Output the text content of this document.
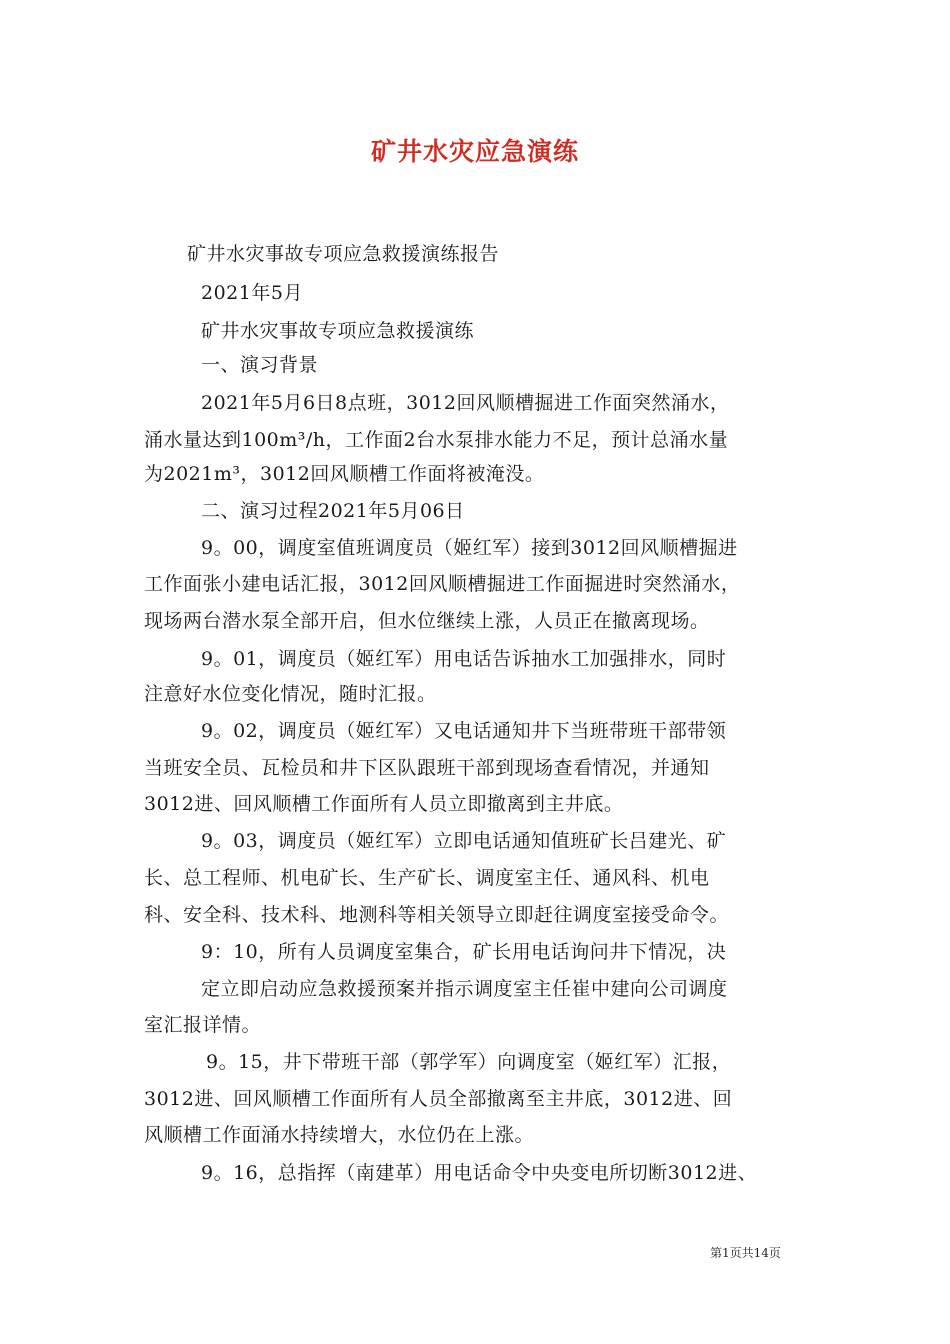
矿井水灾应急演练
矿井水灾事故专项应急救援演练报告
2021年5月
矿井水灾事故专项应急救援演练
一、演习背景
2021年5月6日8点班，3012回风顺槽掘进工作面突然涌水，
涌水量达到100m³/h，工作面2台水泵排水能力不足，预计总涌水量
为2021m³，3012回风顺槽工作面将被淹没。
二、演习过程2021年5月06日
9。00，调度室值班调度员（姬红军）接到3012回风顺槽掘进
工作面张小建电话汇报，3012回风顺槽掘进工作面掘进时突然涌水，
现场两台潜水泵全部开启，但水位继续上涨，人员正在撤离现场。
9。01，调度员（姬红军）用电话告诉抽水工加强排水，同时
注意好水位变化情况，随时汇报。
9。02，调度员（姬红军）又电话通知井下当班带班干部带领
当班安全员、瓦检员和井下区队跟班干部到现场查看情况，并通知
3012进、回风顺槽工作面所有人员立即撤离到主井底。
9。03，调度员（姬红军）立即电话通知值班矿长吕建光、矿
长、总工程师、机电矿长、生产矿长、调度室主任、通风科、机电
科、安全科、技术科、地测科等相关领导立即赶往调度室接受命令。
9：10，所有人员调度室集合，矿长用电话询问井下情况，决
定立即启动应急救援预案并指示调度室主任崔中建向公司调度
室汇报详情。
9。15，井下带班干部（郭学军）向调度室（姬红军）汇报，
3012进、回风顺槽工作面所有人员全部撤离至主井底，3012进、回
风顺槽工作面涌水持续增大，水位仍在上涨。
9。16，总指挥（南建革）用电话命令中央变电所切断3012进、
第1页共14页
